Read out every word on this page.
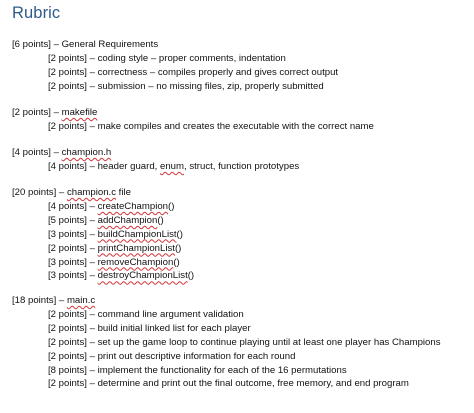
Rubric
[6 points] – General Requirements
[2 points] – coding style – proper comments, indentation
[2 points] – correctness – compiles properly and gives correct output
[2 points] – submission – no missing files, zip, properly submitted
[2 points] – makefile
[2 points] – make compiles and creates the executable with the correct name
[4 points] – champion.h
[4 points] – header guard, enum, struct, function prototypes
[20 points] – champion.c file
[4 points] – createChampion()
[5 points] – addChampion()
[3 points] – buildChampionList()
[2 points] – printChampionList()
[3 points] – removeChampion()
[3 points] – destroyChampionList()
[18 points] – main.c
[2 points] – command line argument validation
[2 points] – build initial linked list for each player
[2 points] – set up the game loop to continue playing until at least one player has Champions
[2 points] – print out descriptive information for each round
[8 points] – implement the functionality for each of the 16 permutations
[2 points] – determine and print out the final outcome, free memory, and end program
